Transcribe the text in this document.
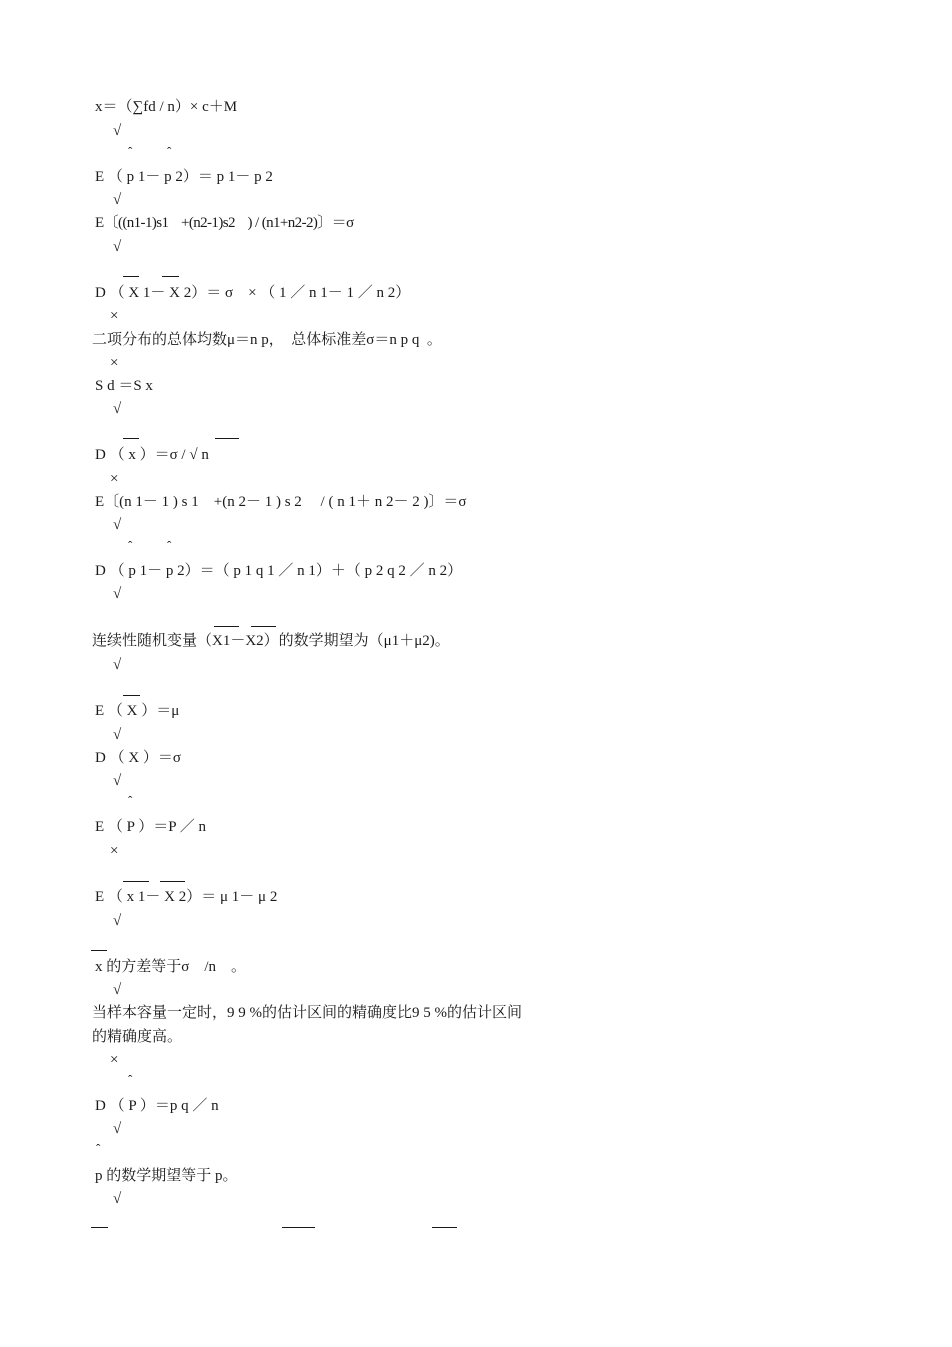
x＝（∑fd / n）× c＋M
√
ˆ	ˆ
E （ p 1－ p 2）＝ p 1－ p 2
√
E〔((n1-1)s1    +(n2-1)s2    ) / (n1+n2-2)〕＝σ
√
D （ X 1－ X 2）＝ σ    × （ 1 ／ n 1－ 1 ／ n 2）
×
二项分布的总体均数μ＝n p，  总体标准差σ＝n p q  。
×
S d ＝S x
√
D （ x ）＝σ / √ n
×
E〔(n 1－ 1 ) s 1    +(n 2－ 1 ) s 2     / ( n 1＋ n 2－ 2 )〕＝σ
√
ˆ	ˆ
D （ p 1－ p 2）＝（ p 1 q 1 ／ n 1）＋（ p 2 q 2 ／ n 2）
√
连续性随机变量（X1－X2）的数学期望为（μ1＋μ2)。
√
E （ X ）＝μ
√
D （ X ）＝σ
√
ˆ
E （ P ）＝P ／ n
×
E （ x 1－ X 2）＝ μ 1－ μ 2
√
x 的方差等于σ    /n    。
√
当样本容量一定时，9 9 %的估计区间的精确度比9 5 %的估计区间
的精确度高。
×
ˆ
D （ P ）＝p q ／ n
√
ˆ
p 的数学期望等于 p。
√
